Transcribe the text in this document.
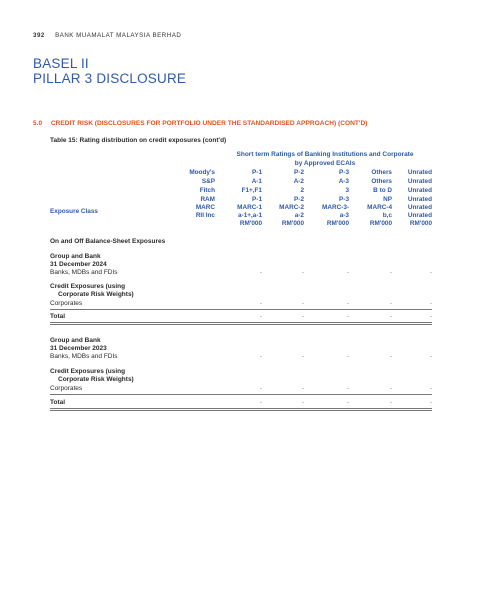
392 BANK MUAMALAT MALAYSIA BERHAD
BASEL II
PILLAR 3 DISCLOSURE
5.0 CREDIT RISK (DISCLOSURES FOR PORTFOLIO UNDER THE STANDARDISED APPROACH) (CONT'D)
Table 15: Rating distribution on credit exposures (cont'd)
Short term Ratings of Banking Institutions and Corporate
by Approved ECAIs
Moody's	P-1	P-2	P-3	Others	Unrated
S&P	A-1	A-2	A-3	Others	Unrated
Fitch	F1+,F1	2	3	B to D	Unrated
RAM	P-1	P-2	P-3	NP	Unrated
MARC	MARC-1	MARC-2	MARC-3-	MARC-4	Unrated
RII Inc	a-1+,a-1	a-2	a-3	b,c	Unrated
RM'000	RM'000	RM'000	RM'000	RM'000
Exposure Class
On and Off Balance-Sheet Exposures
Group and Bank
31 December 2024
Banks, MDBs and FDIs	-	-	-	-	-
Credit Exposures (using
Corporate Risk Weights)
Corporates	-	-	-	-	-
Total	-	-	-	-	-
Group and Bank
31 December 2023
Banks, MDBs and FDIs	-	-	-	-	-
Credit Exposures (using
Corporate Risk Weights)
Corporates	-	-	-	-	-
Total	-	-	-	-	-
